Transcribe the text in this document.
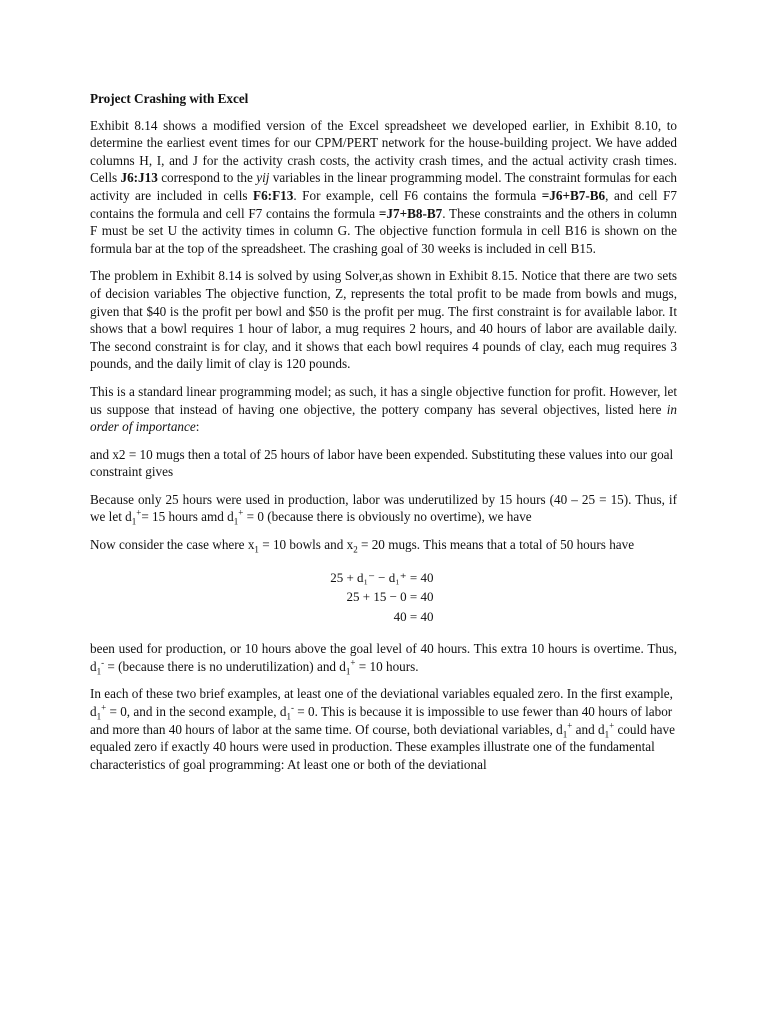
Project Crashing with Excel

Exhibit 8.14 shows a modified version of the Excel spreadsheet we developed earlier, in Exhibit 8.10, to determine the earliest event times for our CPM/PERT network for the house-building project. We have added columns H, I, and J for the activity crash costs, the activity crash times, and the actual activity crash times. Cells J6:J13 correspond to the yij variables in the linear programming model. The constraint formulas for each activity are included in cells F6:F13. For example, cell F6 contains the formula =J6+B7-B6, and cell F7 contains the formula and cell F7 contains the formula =J7+B8-B7. These constraints and the others in column F must be set U the activity times in column G. The objective function formula in cell B16 is shown on the formula bar at the top of the spreadsheet. The crashing goal of 30 weeks is included in cell B15.

The problem in Exhibit 8.14 is solved by using Solver,as shown in Exhibit 8.15. Notice that there are two sets of decision variables The objective function, Z, represents the total profit to be made from bowls and mugs, given that $40 is the profit per bowl and $50 is the profit per mug. The first constraint is for available labor. It shows that a bowl requires 1 hour of labor, a mug requires 2 hours, and 40 hours of labor are available daily. The second constraint is for clay, and it shows that each bowl requires 4 pounds of clay, each mug requires 3 pounds, and the daily limit of clay is 120 pounds.

This is a standard linear programming model; as such, it has a single objective function for profit. However, let us suppose that instead of having one objective, the pottery company has several objectives, listed here in order of importance:

and x2 = 10 mugs then a total of 25 hours of labor have been expended. Substituting these values into our goal constraint gives

Because only 25 hours were used in production, labor was underutilized by 15 hours (40 – 25 = 15). Thus, if we let $d_1^+= 15$ hours amd $d_1^+ = 0$ (because there is obviously no overtime), we have

Now consider the case where $x_1 = 10$ bowls and $x_2 = 20$ mugs. This means that a total of 50 hours have

25 + d₁⁻ − d₁⁺ = 40
25 + 15 − 0 = 40
40 = 40

been used for production, or 10 hours above the goal level of 40 hours. This extra 10 hours is overtime. Thus, $d_1^-$ = (because there is no underutilization) and $d_1^+ = 10$ hours.

In each of these two brief examples, at least one of the deviational variables equaled zero. In the first example, $d_1^+ = 0$, and in the second example, $d_1^- = 0$. This is because it is impossible to use fewer than 40 hours of labor and more than 40 hours of labor at the same time. Of course, both deviational variables, $d_1^+$ and $d_1^+$ could have equaled zero if exactly 40 hours were used in production. These examples illustrate one of the fundamental characteristics of goal programming: At least one or both of the deviational
